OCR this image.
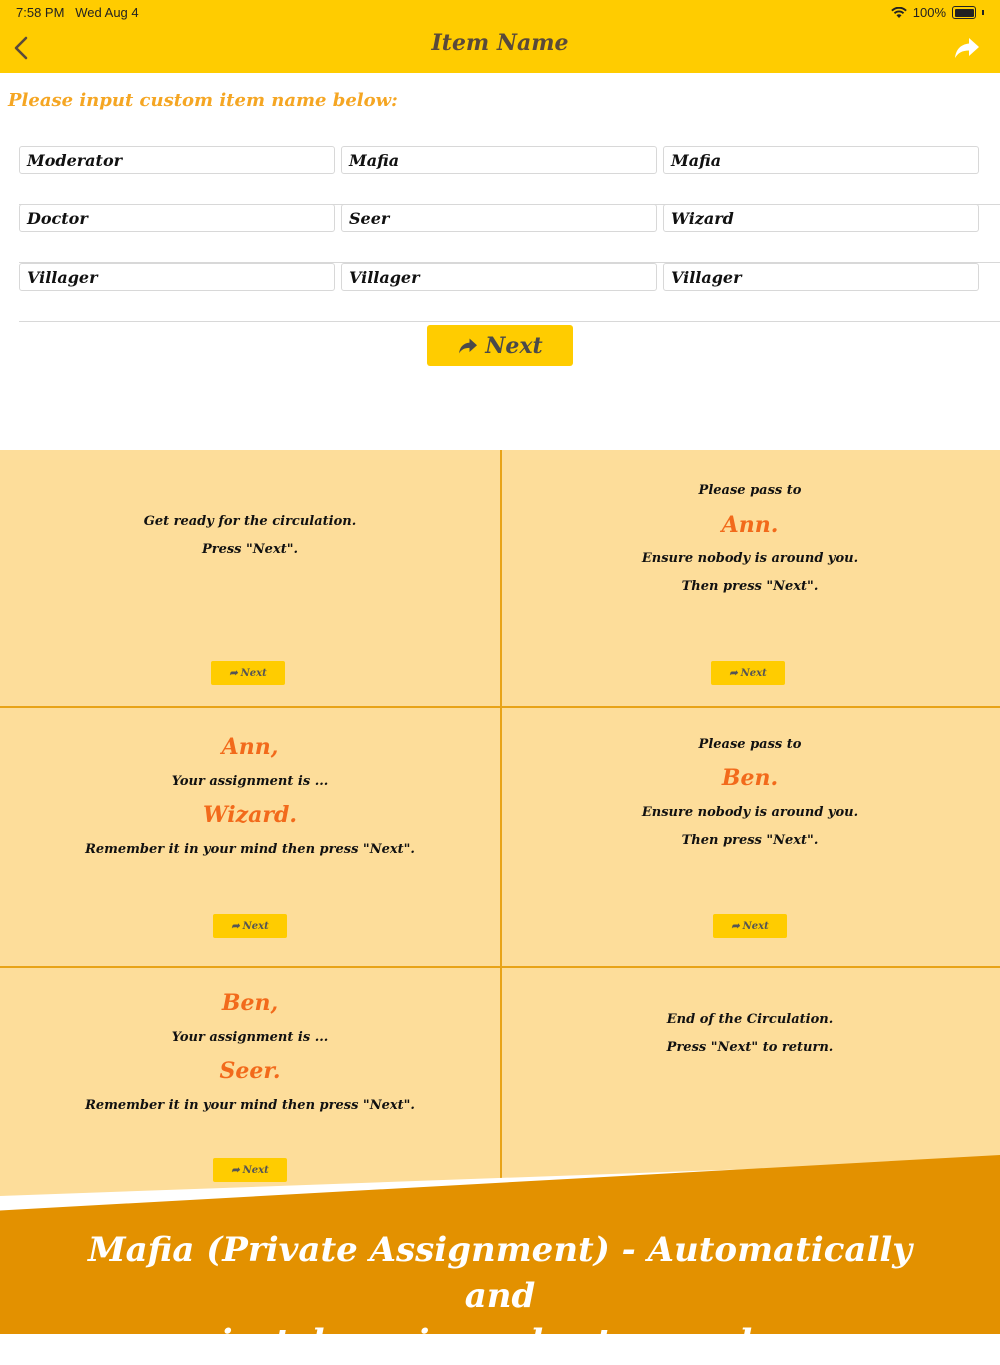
7:58 PM Wed Aug 4	100%
Item Name
Please input custom item name below:
Moderator	Mafia	Mafia
Doctor	Seer	Wizard
Villager	Villager	Villager
Next
Get ready for the circulation.
Press "Next".
➦ Next
Please pass to
Ann.
Ensure nobody is around you.
Then press "Next".
➦ Next
Ann,
Your assignment is ...
Wizard.
Remember it in your mind then press "Next".
➦ Next
Please pass to
Ben.
Ensure nobody is around you.
Then press "Next".
➦ Next
Ben,
Your assignment is ...
Seer.
Remember it in your mind then press "Next".
➦ Next
End of the Circulation.
Press "Next" to return.
Mafia (Private Assignment) - Automatically and
privately assign roles to members
